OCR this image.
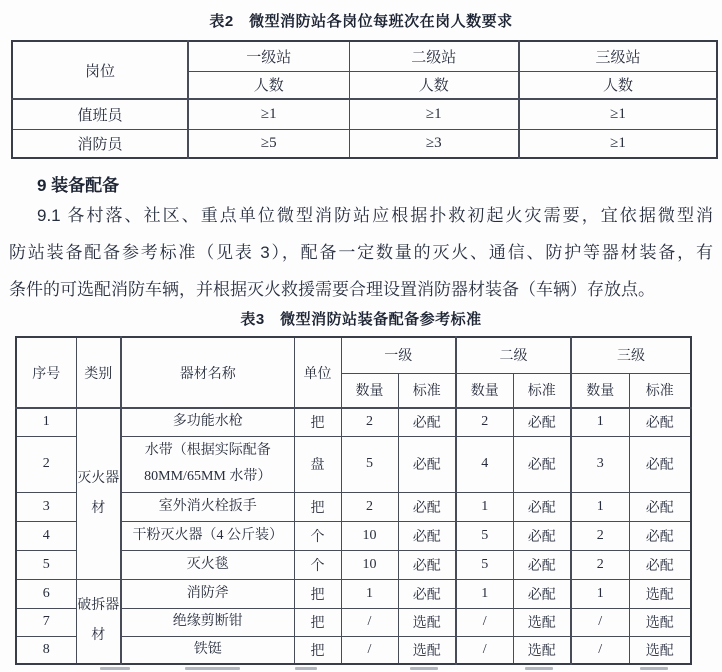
表2　微型消防站各岗位每班次在岗人数要求
岗位	一级站	二级站	三级站
	人数	人数	人数
值班员	≥1	≥1	≥1
消防员	≥5	≥3	≥1
9 装备配备
9.1 各村落、社区、重点单位微型消防站应根据扑救初起火灾需要，宜依据微型消
防站装备配备参考标准（见表 3），配备一定数量的灭火、通信、防护等器材装备，有
条件的可选配消防车辆，并根据灭火救援需要合理设置消防器材装备（车辆）存放点。
表3　微型消防站装备配备参考标准
序号	类别	器材名称	单位	一级		二级		三级	
				数量	标准	数量	标准	数量	标准
1	灭火器材	多功能水枪	把	2	必配	2	必配	1	必配
2		水带（根据实际配备 80MM/65MM 水带）	盘	5	必配	4	必配	3	必配
3		室外消火栓扳手	把	2	必配	1	必配	1	必配
4		干粉灭火器（4 公斤装）	个	10	必配	5	必配	2	必配
5		灭火毯	个	10	必配	5	必配	2	必配
6	破拆器材	消防斧	把	1	必配	1	必配	1	选配
7		绝缘剪断钳	把	/	选配	/	选配	/	选配
8		铁铤	把	/	选配	/	选配	/	选配
